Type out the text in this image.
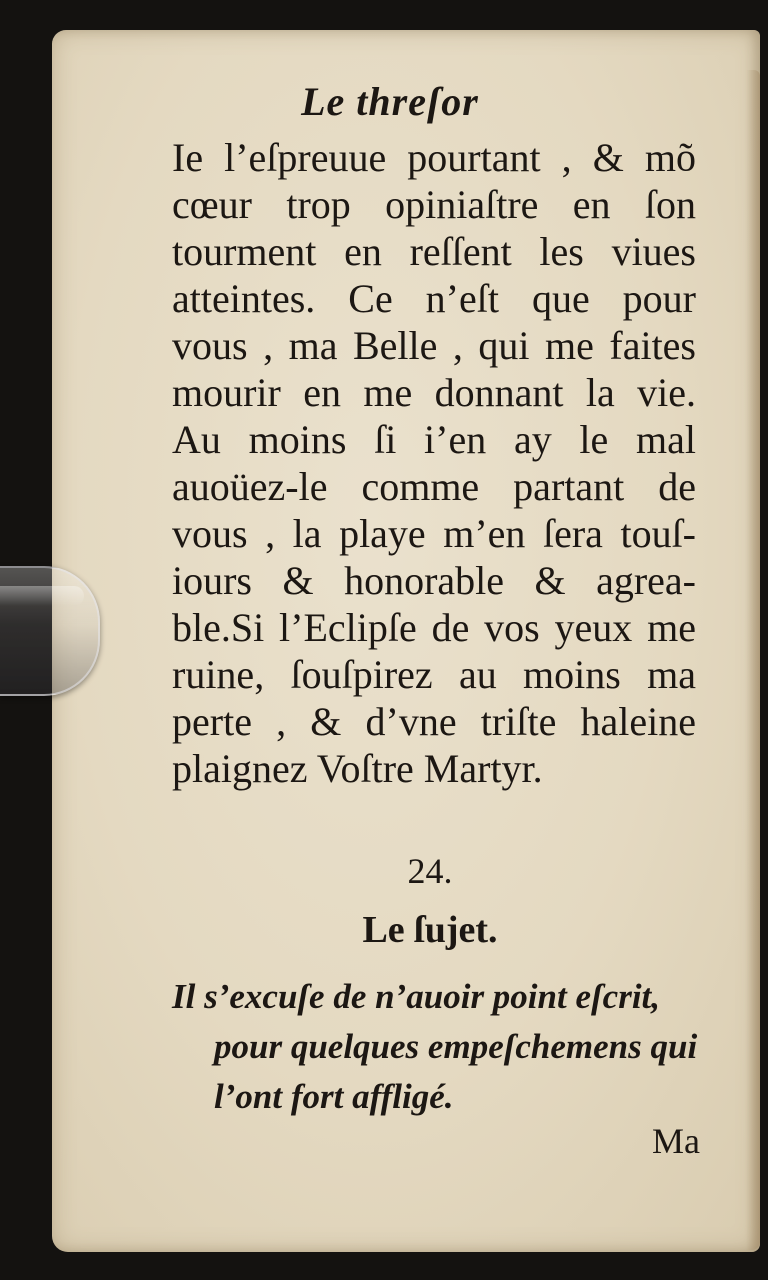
Le threſor
Ie l’eſpreuue pourtant , & mõ
cœur trop opiniaſtre en ſon
tourment en reſſent les viues
atteintes. Ce n’eſt que pour
vous , ma Belle , qui me faites
mourir en me donnant la vie.
Au moins ſi i’en ay le mal
auoüez-le comme partant de
vous , la playe m’en ſera touſ-
iours & honorable & agrea-
ble.Si l’Eclipſe de vos yeux me
ruine, ſouſpirez au moins ma
perte , & d’vne triſte haleine
plaignez Voſtre Martyr.

24.

Le ſujet.
Il s’excuſe de n’auoir point eſcrit,
pour quelques empeſchemens qui
l’ont fort affligé.

Ma
